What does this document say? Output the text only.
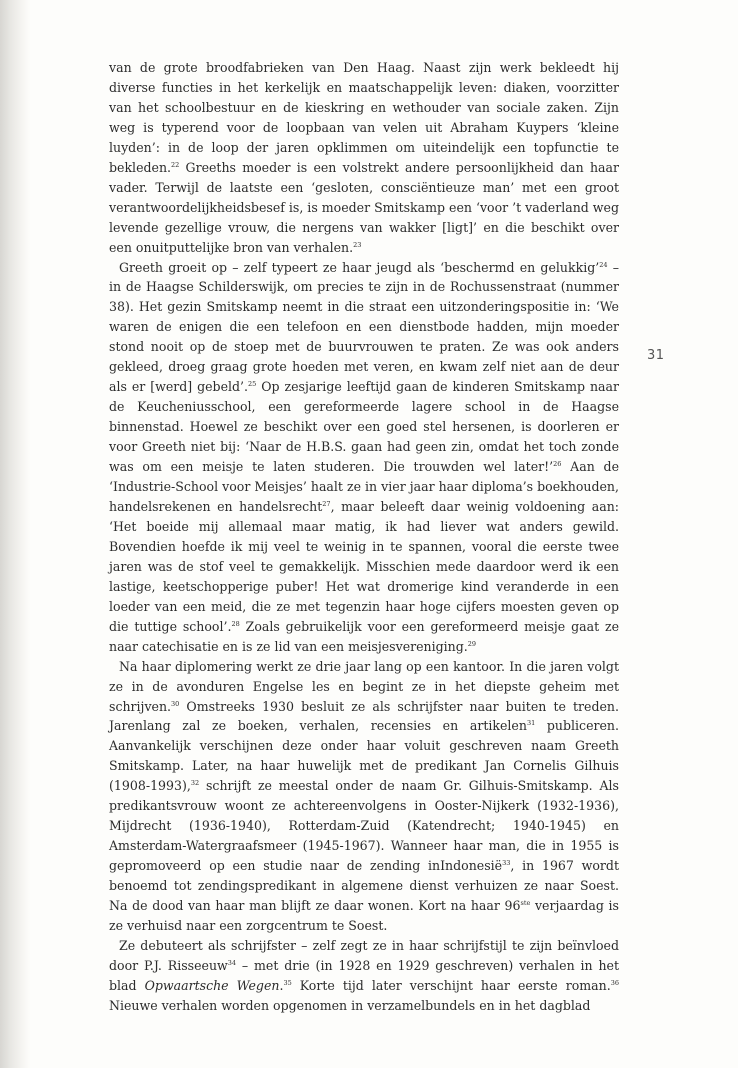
van de grote broodfabrieken van Den Haag. Naast zijn werk bekleedt hij diverse functies in het kerkelijk en maatschappelijk leven: diaken, voorzitter van het schoolbestuur en de kieskring en wethouder van sociale zaken. Zijn weg is typerend voor de loopbaan van velen uit Abraham Kuypers ‘kleine luyden’: in de loop der jaren opklimmen om uiteindelijk een topfunctie te bekleden.$^{22}$ Greeths moeder is een volstrekt andere persoonlijkheid dan haar vader. Terwijl de laatste een ‘gesloten, consciëntieuze man’ met een groot verantwoordelijkheidsbesef is, is moeder Smitskamp een ‘voor ’t vaderland weg levende gezellige vrouw, die nergens van wakker [ligt]’ en die beschikt over een onuitputtelijke bron van verhalen.$^{23}$

Greeth groeit op – zelf typeert ze haar jeugd als ‘beschermd en gelukkig’$^{24}$ – in de Haagse Schilderswijk, om precies te zijn in de Rochussenstraat (nummer 38). Het gezin Smitskamp neemt in die straat een uitzonderingspositie in: ‘We waren de enigen die een telefoon en een dienstbode hadden, mijn moeder stond nooit op de stoep met de buurvrouwen te praten. Ze was ook anders gekleed, droeg graag grote hoeden met veren, en kwam zelf niet aan de deur als er [werd] gebeld’.$^{25}$ Op zesjarige leeftijd gaan de kinderen Smitskamp naar de Keucheniusschool, een gereformeerde lagere school in de Haagse binnenstad. Hoewel ze beschikt over een goed stel hersenen, is doorleren er voor Greeth niet bij: ‘Naar de H.B.S. gaan had geen zin, omdat het toch zonde was om een meisje te laten studeren. Die trouwden wel later!’$^{26}$ Aan de ‘Industrie-School voor Meisjes’ haalt ze in vier jaar haar diploma’s boekhouden, handelsrekenen en handelsrecht$^{27}$, maar beleeft daar weinig voldoening aan: ‘Het boeide mij allemaal maar matig, ik had liever wat anders gewild. Bovendien hoefde ik mij veel te weinig in te spannen, vooral die eerste twee jaren was de stof veel te gemakkelijk. Misschien mede daardoor werd ik een lastige, keetschopperige puber! Het wat dromerige kind veranderde in een loeder van een meid, die ze met tegenzin haar hoge cijfers moesten geven op die tuttige school’.$^{28}$ Zoals gebruikelijk voor een gereformeerd meisje gaat ze naar catechisatie en is ze lid van een meisjesvereniging.$^{29}$

Na haar diplomering werkt ze drie jaar lang op een kantoor. In die jaren volgt ze in de avonduren Engelse les en begint ze in het diepste geheim met schrijven.$^{30}$ Omstreeks 1930 besluit ze als schrijfster naar buiten te treden. Jarenlang zal ze boeken, verhalen, recensies en artikelen$^{31}$ publiceren. Aanvankelijk verschijnen deze onder haar voluit geschreven naam Greeth Smitskamp. Later, na haar huwelijk met de predikant Jan Cornelis Gilhuis (1908-1993),$^{32}$ schrijft ze meestal onder de naam Gr. Gilhuis-Smitskamp. Als predikantsvrouw woont ze achtereenvolgens in Ooster-Nijkerk (1932-1936), Mijdrecht (1936-1940), Rotterdam-Zuid (Katendrecht; 1940-1945) en Amsterdam-Watergraafsmeer (1945-1967). Wanneer haar man, die in 1955 is gepromoveerd op een studie naar de zending inIndonesië$^{33}$, in 1967 wordt benoemd tot zendingspredikant in algemene dienst verhuizen ze naar Soest. Na de dood van haar man blijft ze daar wonen. Kort na haar 96ste verjaardag is ze verhuisd naar een zorgcentrum te Soest.

Ze debuteert als schrijfster – zelf zegt ze in haar schrijfstijl te zijn beïnvloed door P.J. Risseeuw$^{34}$ – met drie (in 1928 en 1929 geschreven) verhalen in het blad Opwaartsche Wegen.$^{35}$ Korte tijd later verschijnt haar eerste roman.$^{36}$ Nieuwe verhalen worden opgenomen in verzamelbundels en in het dagblad

31
